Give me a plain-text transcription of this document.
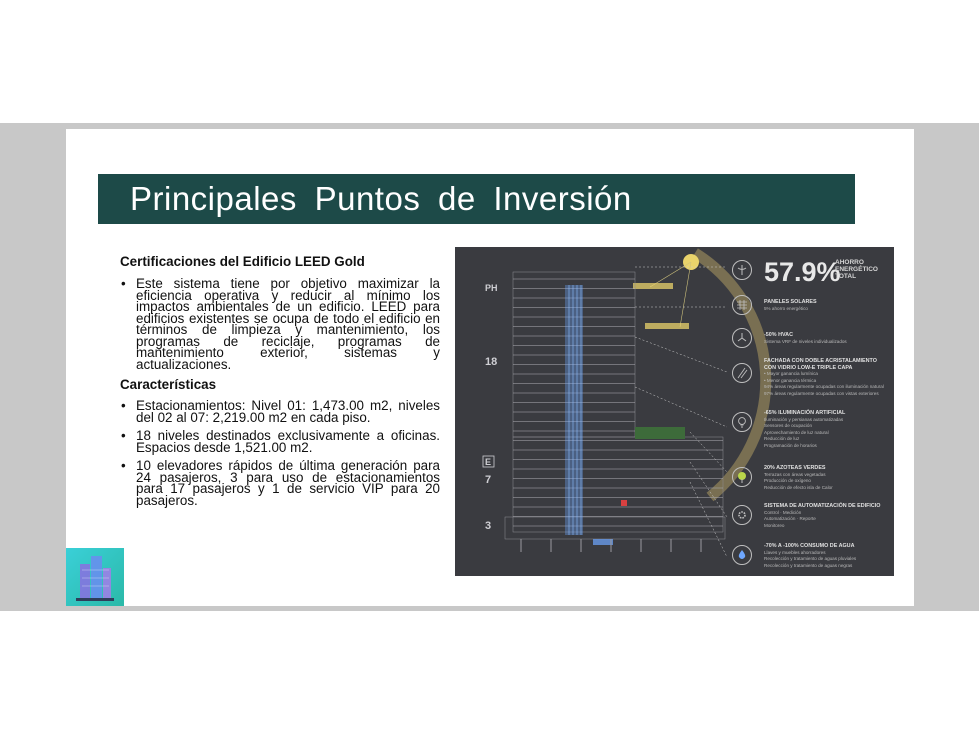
Principales Puntos de Inversión
Certificaciones del Edificio LEED Gold
• Este sistema tiene por objetivo maximizar la eficiencia operativa y reducir al mínimo los impactos ambientales de un edificio. LEED para edificios existentes se ocupa de todo el edificio en términos de limpieza y mantenimiento, los programas de reciclaje, programas de mantenimiento exterior, sistemas y actualizaciones.
Características
• Estacionamientos: Nivel 01: 1,473.00 m2, niveles del 02 al 07: 2,219.00 m2 en cada piso.
• 18 niveles destinados exclusivamente a oficinas. Espacios desde 1,521.00 m2.
• 10 elevadores rápidos de última generación para 24 pasajeros, 3 para uso de estacionamientos para 17 pasajeros y 1 de servicio VIP para 20 pasajeros.
PH
18
E
7
3
57.9%
AHORRO
ENERGÉTICO
TOTAL
PANELES SOLARES
5% ahorro energético
-50% HVAC
Sistema VRF de niveles individualizados
FACHADA CON DOBLE ACRISTALAMIENTO CON VIDRIO LOW-E TRIPLE CAPA
• Mayor ganancia lumínica
• Menor ganancia térmica
94% áreas regularmente ocupadas con iluminación natural
97% áreas regularmente ocupadas con vistas exteriores
-65% ILUMINACIÓN ARTIFICIAL
Iluminación y persianas automatizadas
Sensores de ocupación
Aprovechamiento de luz natural
Reducción de luz
Programación de horarios
20% AZOTEAS VERDES
Terrazas con áreas vegetadas
Producción de oxígeno
Reducción de efecto isla de Calor
SISTEMA DE AUTOMATIZACIÓN DE EDIFICIO
Control · Medición
Automatización · Reporte
Monitoreo
-70% A -100% CONSUMO DE AGUA
Llaves y muebles ahorradores
Recolección y tratamiento de aguas pluviales
Recolección y tratamiento de aguas negras
